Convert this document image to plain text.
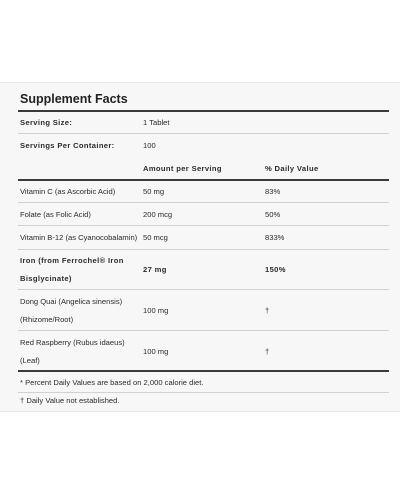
Supplement Facts
Serving Size:	1 Tablet
Servings Per Container:	100
Amount per Serving	% Daily Value
Vitamin C (as Ascorbic Acid)	50 mg	83%
Folate (as Folic Acid)	200 mcg	50%
Vitamin B-12 (as Cyanocobalamin) 50 mcg	833%
Iron (from Ferrochel® Iron
Bisglycinate)
27 mg	150%
Dong Quai (Angelica sinensis)
(Rhizome/Root)
100 mg	†
Red Raspberry (Rubus idaeus)
(Leaf)
100 mg	†
* Percent Daily Values are based on 2,000 calorie diet.
† Daily Value not established.
